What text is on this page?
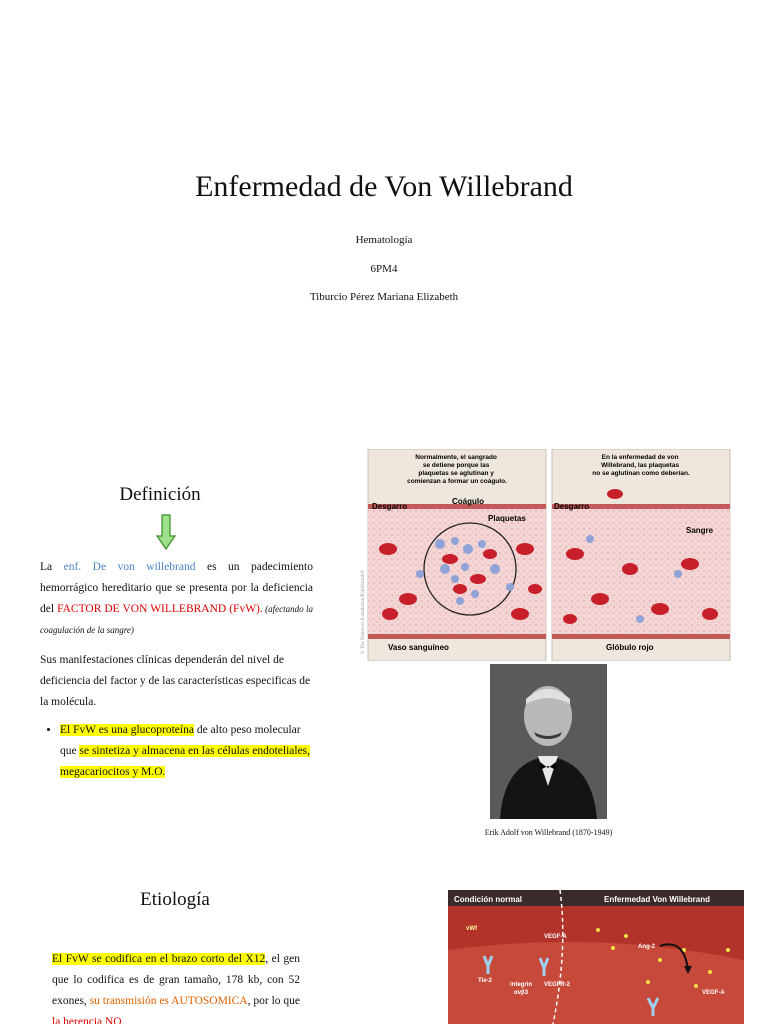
Enfermedad de Von Willebrand
Hematología
6PM4
Tiburcio Pérez Mariana Elizabeth
Definición
La enf. De von willebrand es un padecimiento hemorrágico hereditario que se presenta por la deficiencia del FACTOR DE VON WILLEBRAND (FvW). (afectando la coagulación de la sangre)
Sus manifestaciones clínicas dependerán del nivel de deficiencia del factor y de las características especificas de la molécula.
• El FvW es una glucoproteína de alto peso molecular que se sintetiza y almacena en las células endoteliales, megacariocitos y M.O.
Normalmente, el sangrado se detiene porque las plaquetas se aglutinan y comienzan a formar un coágulo.
Desgarro
Coágulo
Plaquetas
Vaso sanguíneo
En la enfermedad de von Willebrand, las plaquetas no se aglutinan como deberían.
Desgarro
Sangre
Glóbulo rojo
© The Nemours Foundation/KidsHealth®
Erik Adolf von Willebrand (1870-1949)
Etiología
El FvW se codifica en el brazo corto del X12, el gen que lo codifica es de gran tamaño, 178 kb, con 52 exones, su transmisión es AUTOSOMICA, por lo que la herencia NO
Condición normal	Enfermedad Von Willebrand
vWf
VEGF-A
Ang-2
Tie-2
integrin
αvβ3
VEGFR-2
VEGF-A
